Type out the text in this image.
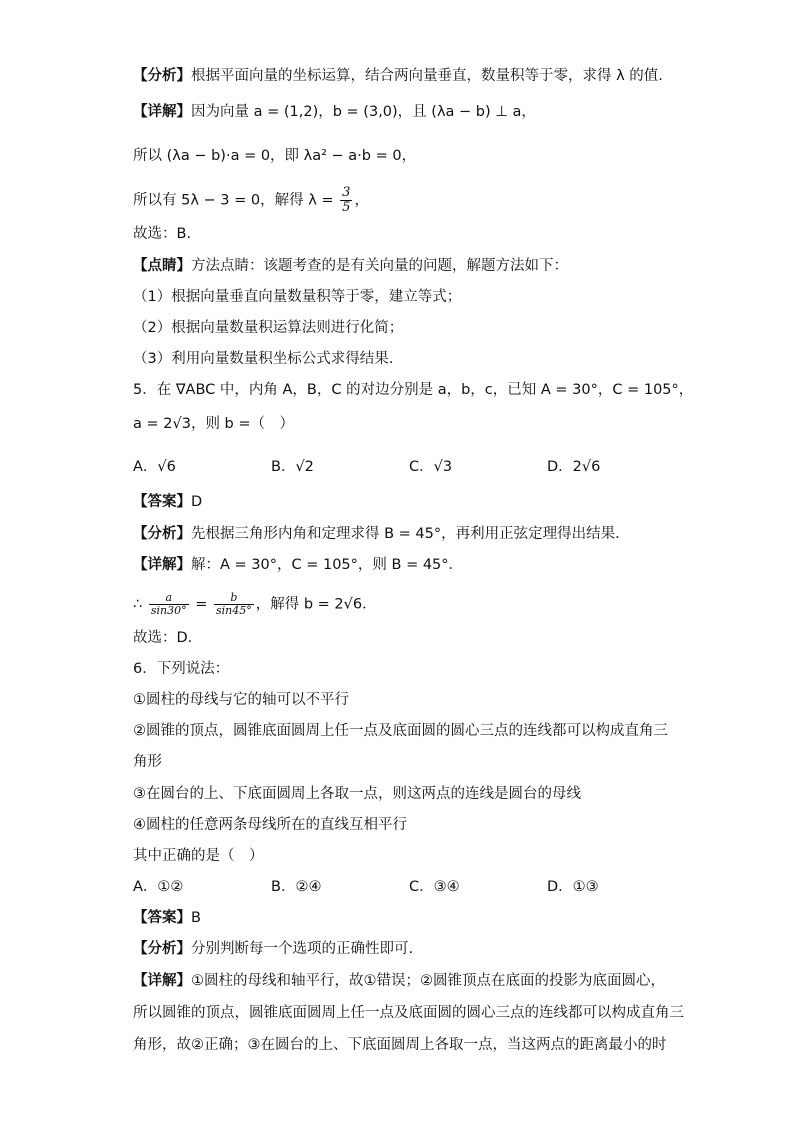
【分析】根据平面向量的坐标运算，结合两向量垂直，数量积等于零，求得 λ 的值.
【详解】因为向量 a = (1,2)，b = (3,0)，且 (λa − b) ⊥ a，
所以 (λa − b)·a = 0，即 λa² − a·b = 0，
所以有 5λ − 3 = 0，解得 $\lambda = \frac{3}{5}$ ，
故选：B.
【点睛】方法点睛：该题考查的是有关向量的问题，解题方法如下：
（1）根据向量垂直向量数量积等于零，建立等式；
（2）根据向量数量积运算法则进行化简；
（3）利用向量数量积坐标公式求得结果.
5．在 ∇ABC 中，内角 A，B，C 的对边分别是 a，b，c，已知 A = 30°，C = 105°，
a = 2√3，则 b =（　）
A．√6	B．√2	C．√3	D．2√6
【答案】D
【分析】先根据三角形内角和定理求得 B = 45°，再利用正弦定理得出结果．
【详解】解：A = 30°，C = 105°，则 B = 45°．
∴ $\frac{a}{\sin 30^\circ} = \frac{b}{\sin 45^\circ}$ ，解得 b = 2√6．
故选：D．
6．下列说法：
①圆柱的母线与它的轴可以不平行
②圆锥的顶点，圆锥底面圆周上任一点及底面圆的圆心三点的连线都可以构成直角三
角形
③在圆台的上、下底面圆周上各取一点，则这两点的连线是圆台的母线
④圆柱的任意两条母线所在的直线互相平行
其中正确的是（　）
A．①②	B．②④	C．③④	D．①③
【答案】B
【分析】分别判断每一个选项的正确性即可.
【详解】①圆柱的母线和轴平行，故①错误；②圆锥顶点在底面的投影为底面圆心，
所以圆锥的顶点，圆锥底面圆周上任一点及底面圆的圆心三点的连线都可以构成直角三
角形，故②正确；③在圆台的上、下底面圆周上各取一点，当这两点的距离最小的时
